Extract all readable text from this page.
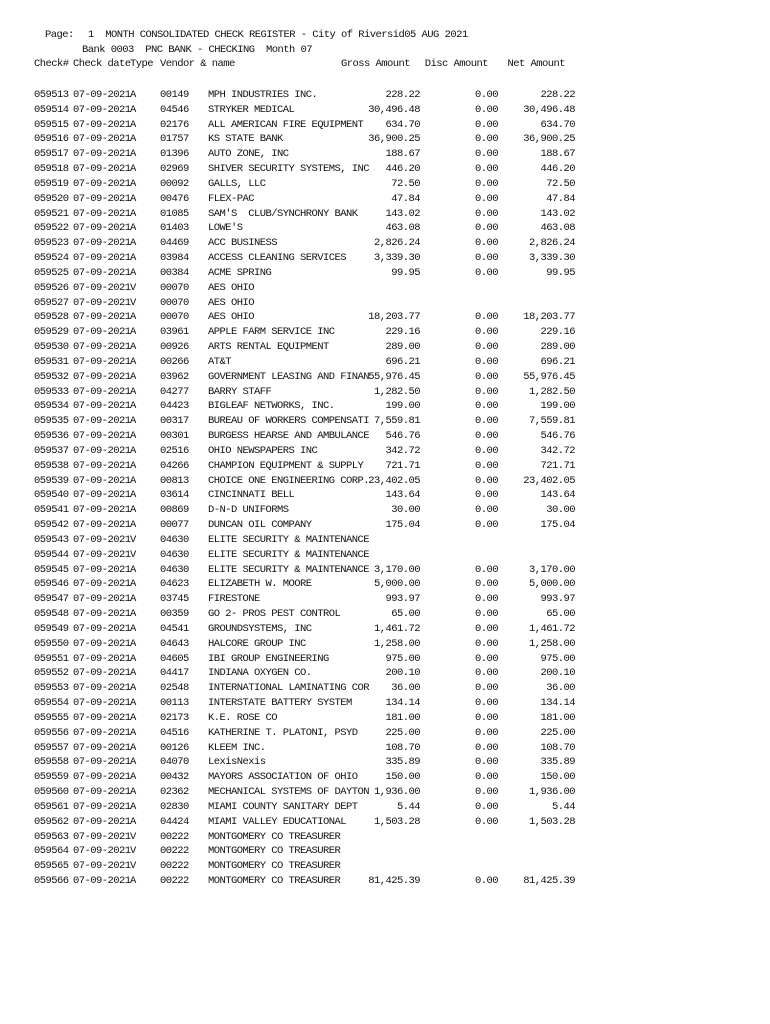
Page: 1  MONTH CONSOLIDATED CHECK REGISTER - City of Riversid05 AUG 2021
Bank 0003  PNC BANK - CHECKING  Month 07
Check# Check date Type Vendor & name	Gross Amount Disc Amount Net Amount
059513 07-09-2021 A 00149 MPH INDUSTRIES INC.	228.22	0.00	228.22
059514 07-09-2021 A 04546 STRYKER MEDICAL	30,496.48	0.00 30,496.48
059515 07-09-2021 A 02176 ALL AMERICAN FIRE EQUIPMENT 634.70	0.00	634.70
059516 07-09-2021 A 01757 KS STATE BANK	36,900.25	0.00 36,900.25
059517 07-09-2021 A 01396 AUTO ZONE, INC	188.67	0.00	188.67
059518 07-09-2021 A 02969 SHIVER SECURITY SYSTEMS, INC 446.20	0.00	446.20
059519 07-09-2021 A 00092 GALLS, LLC	72.50	0.00	72.50
059520 07-09-2021 A 00476 FLEX-PAC	47.84	0.00	47.84
059521 07-09-2021 A 01085 SAM'S  CLUB/SYNCHRONY BANK	143.02	0.00	143.02
059522 07-09-2021 A 01403 LOWE'S	463.08	0.00	463.08
059523 07-09-2021 A 04469 ACC BUSINESS	2,826.24	0.00	2,826.24
059524 07-09-2021 A 03984 ACCESS CLEANING SERVICES	3,339.30	0.00	3,339.30
059525 07-09-2021 A 00384 ACME SPRING	99.95	0.00	99.95
059526 07-09-2021 V 00070 AES OHIO
059527 07-09-2021 V 00070 AES OHIO
059528 07-09-2021 A 00070 AES OHIO	18,203.77	0.00 18,203.77
059529 07-09-2021 A 03961 APPLE FARM SERVICE INC	229.16	0.00	229.16
059530 07-09-2021 A 00926 ARTS RENTAL EQUIPMENT	289.00	0.00	289.00
059531 07-09-2021 A 00266 AT&T	696.21	0.00	696.21
059532 07-09-2021 A 03962 GOVERNMENT LEASING AND FINAN 55,976.45	0.00 55,976.45
059533 07-09-2021 A 04277 BARRY STAFF	1,282.50	0.00	1,282.50
059534 07-09-2021 A 04423 BIGLEAF NETWORKS, INC.	199.00	0.00	199.00
059535 07-09-2021 A 00317 BUREAU OF WORKERS COMPENSATI 7,559.81	0.00	7,559.81
059536 07-09-2021 A 00301 BURGESS HEARSE AND AMBULANCE 546.76	0.00	546.76
059537 07-09-2021 A 02516 OHIO NEWSPAPERS INC	342.72	0.00	342.72
059538 07-09-2021 A 04266 CHAMPION EQUIPMENT & SUPPLY 721.71	0.00	721.71
059539 07-09-2021 A 00813 CHOICE ONE ENGINEERING CORP. 23,402.05	0.00 23,402.05
059540 07-09-2021 A 03614 CINCINNATI BELL	143.64	0.00	143.64
059541 07-09-2021 A 00869 D-N-D UNIFORMS	30.00	0.00	30.00
059542 07-09-2021 A 00077 DUNCAN OIL COMPANY	175.04	0.00	175.04
059543 07-09-2021 V 04630 ELITE SECURITY & MAINTENANCE
059544 07-09-2021 V 04630 ELITE SECURITY & MAINTENANCE
059545 07-09-2021 A 04630 ELITE SECURITY & MAINTENANCE 3,170.00	0.00	3,170.00
059546 07-09-2021 A 04623 ELIZABETH W. MOORE	5,000.00	0.00	5,000.00
059547 07-09-2021 A 03745 FIRESTONE	993.97	0.00	993.97
059548 07-09-2021 A 00359 GO 2- PROS PEST CONTROL	65.00	0.00	65.00
059549 07-09-2021 A 04541 GROUNDSYSTEMS, INC	1,461.72	0.00	1,461.72
059550 07-09-2021 A 04643 HALCORE GROUP INC	1,258.00	0.00	1,258.00
059551 07-09-2021 A 04605 IBI GROUP ENGINEERING	975.00	0.00	975.00
059552 07-09-2021 A 04417 INDIANA OXYGEN CO.	200.10	0.00	200.10
059553 07-09-2021 A 02548 INTERNATIONAL LAMINATING COR 36.00	0.00	36.00
059554 07-09-2021 A 00113 INTERSTATE BATTERY SYSTEM	134.14	0.00	134.14
059555 07-09-2021 A 02173 K.E. ROSE CO	181.00	0.00	181.00
059556 07-09-2021 A 04516 KATHERINE T. PLATONI, PSYD	225.00	0.00	225.00
059557 07-09-2021 A 00126 KLEEM INC.	108.70	0.00	108.70
059558 07-09-2021 A 04070 LexisNexis	335.89	0.00	335.89
059559 07-09-2021 A 00432 MAYORS ASSOCIATION OF OHIO	150.00	0.00	150.00
059560 07-09-2021 A 02362 MECHANICAL SYSTEMS OF DAYTON 1,936.00	0.00	1,936.00
059561 07-09-2021 A 02830 MIAMI COUNTY SANITARY DEPT	5.44	0.00	5.44
059562 07-09-2021 A 04424 MIAMI VALLEY EDUCATIONAL	1,503.28	0.00	1,503.28
059563 07-09-2021 V 00222 MONTGOMERY CO TREASURER
059564 07-09-2021 V 00222 MONTGOMERY CO TREASURER
059565 07-09-2021 V 00222 MONTGOMERY CO TREASURER
059566 07-09-2021 A 00222 MONTGOMERY CO TREASURER	81,425.39	0.00 81,425.39
